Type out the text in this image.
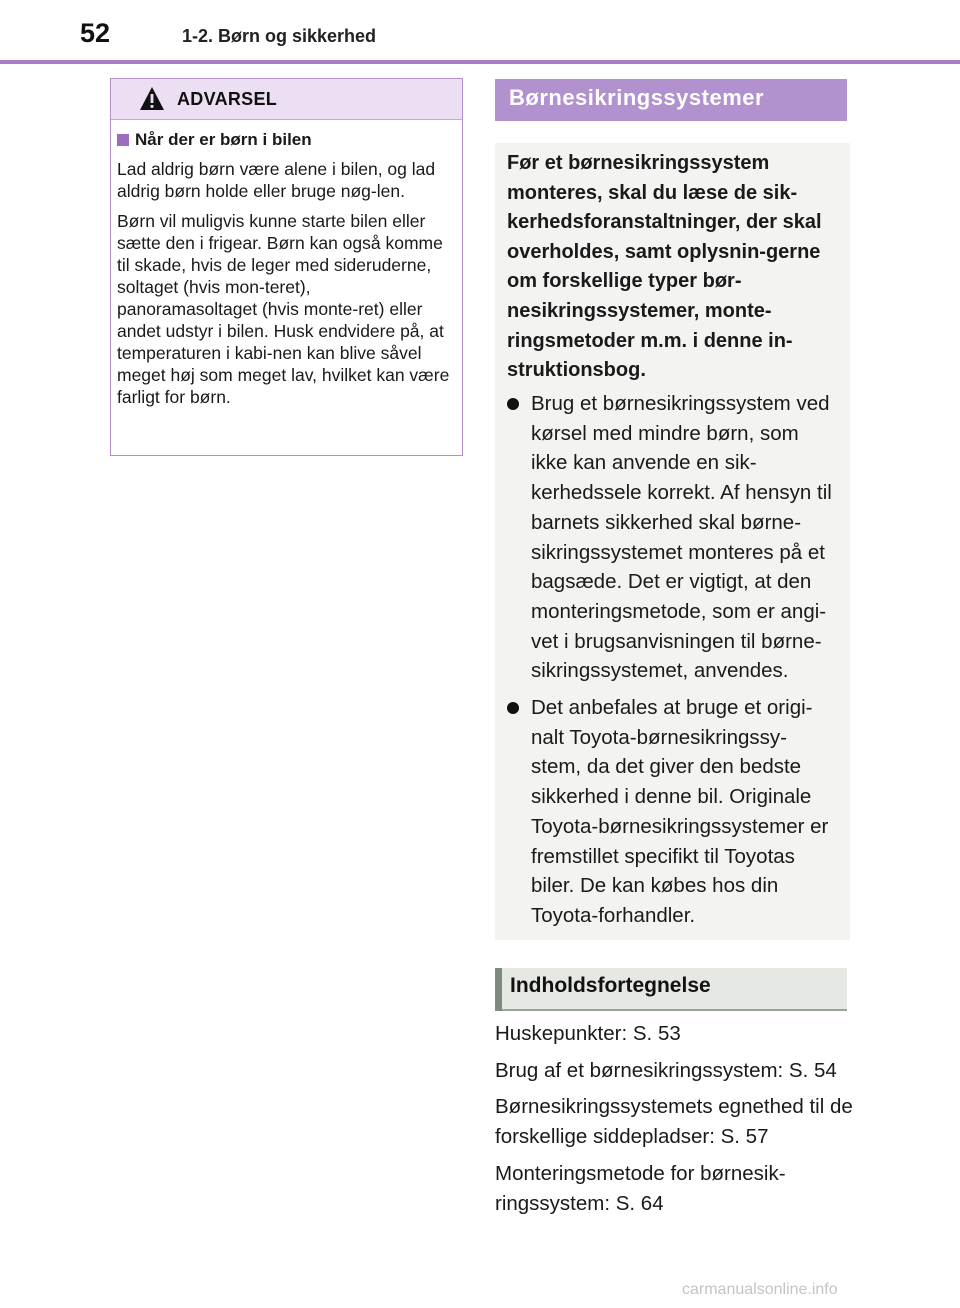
52	1-2. Børn og sikkerhed
ADVARSEL
Når der er børn i bilen

Lad aldrig børn være alene i bilen, og lad aldrig børn holde eller bruge nøg-len.

Børn vil muligvis kunne starte bilen eller sætte den i frigear. Børn kan også komme til skade, hvis de leger med sideruderne, soltaget (hvis mon-teret), panoramasoltaget (hvis monte-ret) eller andet udstyr i bilen. Husk endvidere på, at temperaturen i kabi-nen kan blive såvel meget høj som meget lav, hvilket kan være farligt for børn.

Børnesikringssystemer
Før et børnesikringssystem monteres, skal du læse de sik-kerhedsforanstaltninger, der skal overholdes, samt oplysnin-gerne om forskellige typer bør-nesikringssystemer, monte-ringsmetoder m.m. i denne in-struktionsbog.
Brug et børnesikringssystem ved kørsel med mindre børn, som ikke kan anvende en sik-kerhedssele korrekt. Af hensyn til barnets sikkerhed skal børne-sikringssystemet monteres på et bagsæde. Det er vigtigt, at den monteringsmetode, som er angi-vet i brugsanvisningen til børne-sikringssystemet, anvendes.
Det anbefales at bruge et origi-nalt Toyota-børnesikringssy-stem, da det giver den bedste sikkerhed i denne bil. Originale Toyota-børnesikringssystemer er fremstillet specifikt til Toyotas biler. De kan købes hos din Toyota-forhandler.
Indholdsfortegnelse
Huskepunkter: S. 53
Brug af et børnesikringssystem: S. 54
Børnesikringssystemets egnethed til de forskellige siddepladser: S. 57
Monteringsmetode for børnesik-ringssystem: S. 64
carmanualsonline.info
